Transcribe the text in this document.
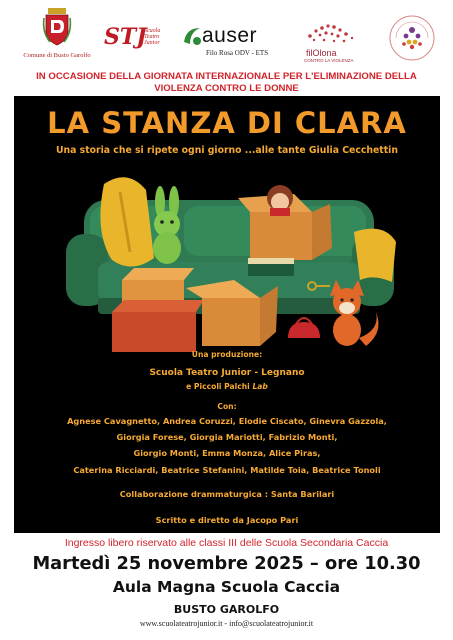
Comune di Busto Garolfo
STJ
Scuola Teatro Junior	auser
Filo Rosa ODV - ETS	filOlona
CONTRO LA VIOLENZA
IN OCCASIONE DELLA GIORNATA INTERNAZIONALE PER L'ELIMINAZIONE DELLA
VIOLENZA CONTRO LE DONNE
LA STANZA DI CLARA
Una storia che si ripete ogni giorno ...alle tante Giulia Cecchettin
Una produzione:
Scuola Teatro Junior - Legnano
e Piccoli Palchi Lab
Con:
Agnese Cavagnetto, Andrea Coruzzi, Elodie Ciscato, Ginevra Gazzola,
Giorgia Forese, Giorgia Mariotti, Fabrizio Monti,
Giorgio Monti, Emma Monza, Alice Piras,
Caterina Ricciardi, Beatrice Stefanini, Matilde Toia, Beatrice Tonoli
Collaborazione drammaturgica : Santa Barilari
Scritto e diretto da Jacopo Pari
Ingresso libero riservato alle classi III delle Scuola Secondaria Caccia
Martedì 25 novembre 2025 – ore 10.30
Aula Magna Scuola Caccia
BUSTO GAROLFO
www.scuolateatrojunior.it - info@scuolateatrojunior.it
